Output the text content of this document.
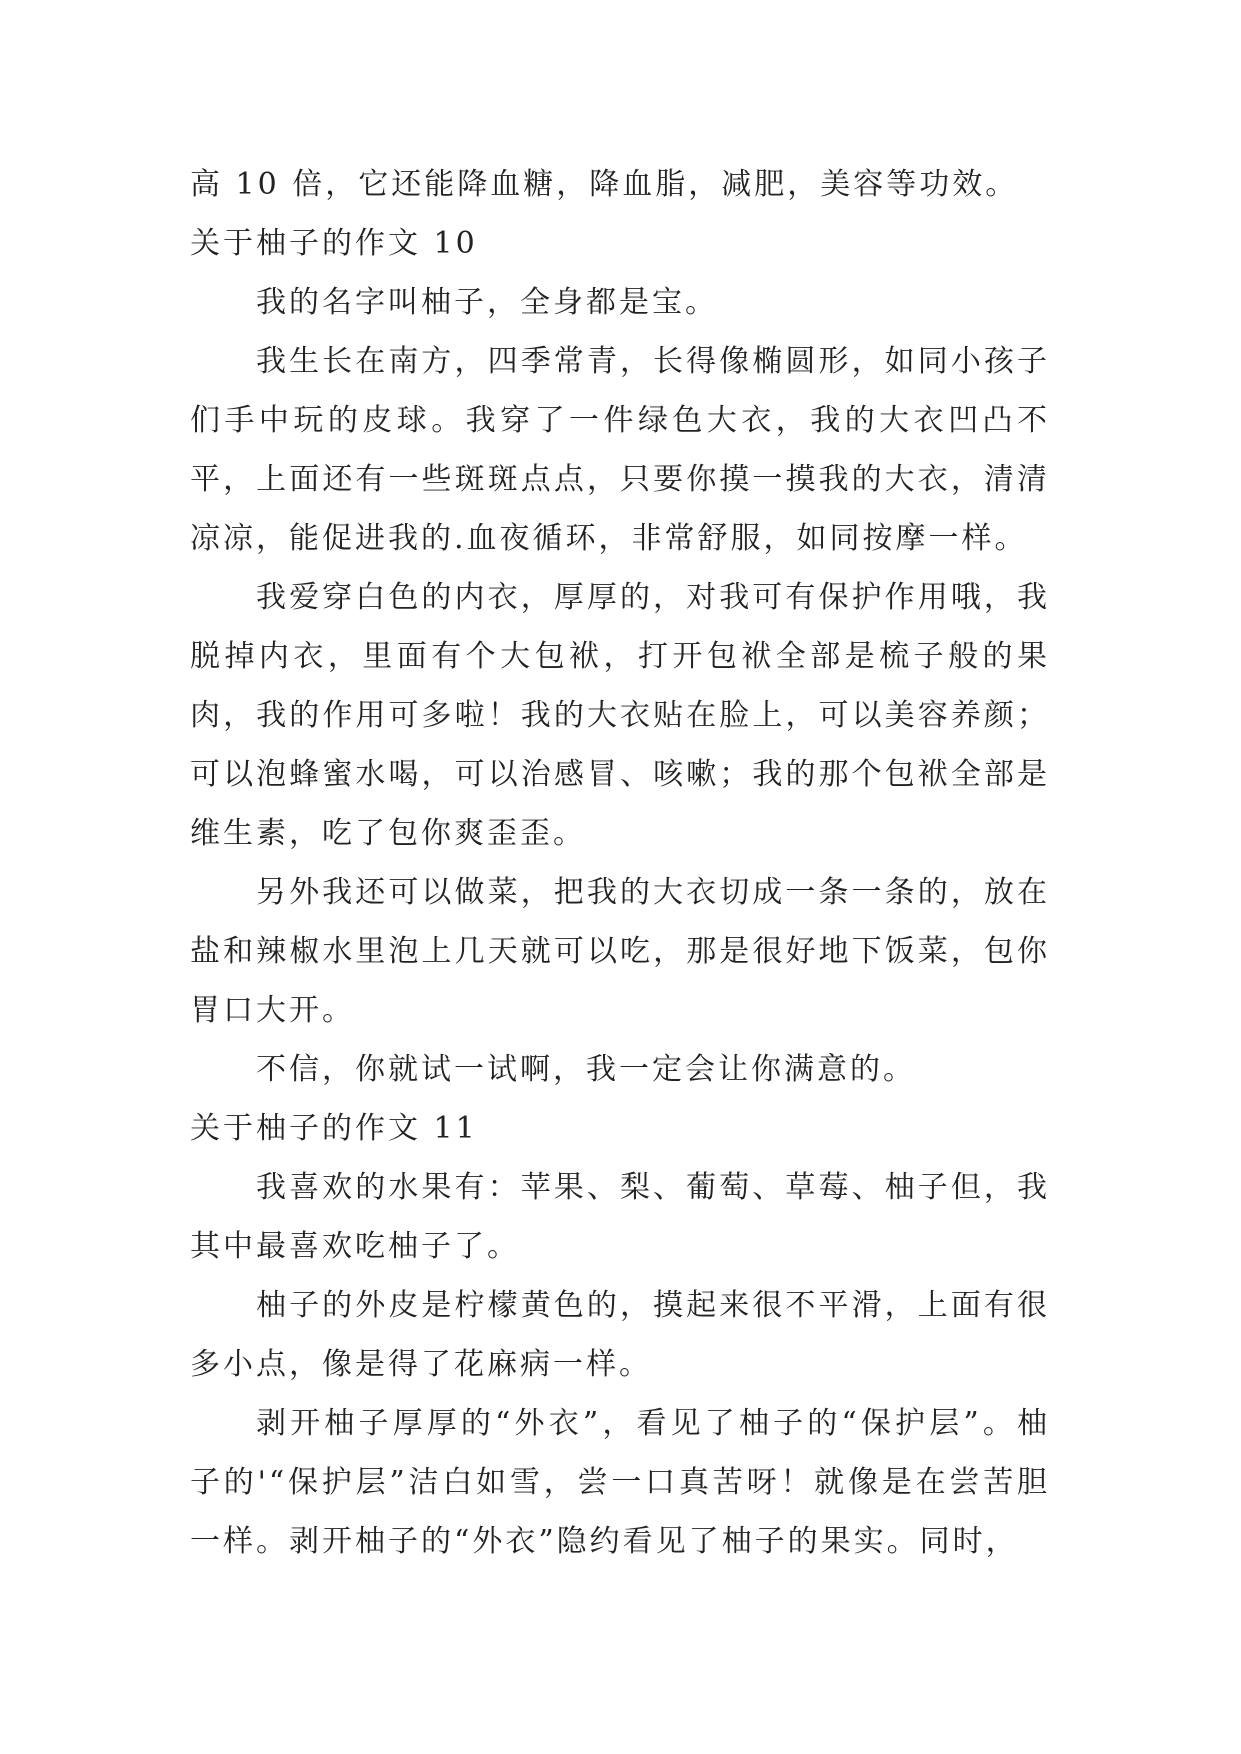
高 10 倍，它还能降血糖，降血脂，减肥，美容等功效。

关于柚子的作文 10

我的名字叫柚子，全身都是宝。

我生长在南方，四季常青，长得像椭圆形，如同小孩子们手中玩的皮球。我穿了一件绿色大衣，我的大衣凹凸不平，上面还有一些斑斑点点，只要你摸一摸我的大衣，清清凉凉，能促进我的.血夜循环，非常舒服，如同按摩一样。

我爱穿白色的内衣，厚厚的，对我可有保护作用哦，我脱掉内衣，里面有个大包袱，打开包袱全部是梳子般的果肉，我的作用可多啦！我的大衣贴在脸上，可以美容养颜；可以泡蜂蜜水喝，可以治感冒、咳嗽；我的那个包袱全部是维生素，吃了包你爽歪歪。

另外我还可以做菜，把我的大衣切成一条一条的，放在盐和辣椒水里泡上几天就可以吃，那是很好地下饭菜，包你胃口大开。

不信，你就试一试啊，我一定会让你满意的。

关于柚子的作文 11

我喜欢的水果有：苹果、梨、葡萄、草莓、柚子但，我其中最喜欢吃柚子了。

柚子的外皮是柠檬黄色的，摸起来很不平滑，上面有很多小点，像是得了花麻病一样。

剥开柚子厚厚的“外衣”，看见了柚子的“保护层”。柚子的'“保护层”洁白如雪，尝一口真苦呀！就像是在尝苦胆一样。剥开柚子的“外衣”隐约看见了柚子的果实。同时，
